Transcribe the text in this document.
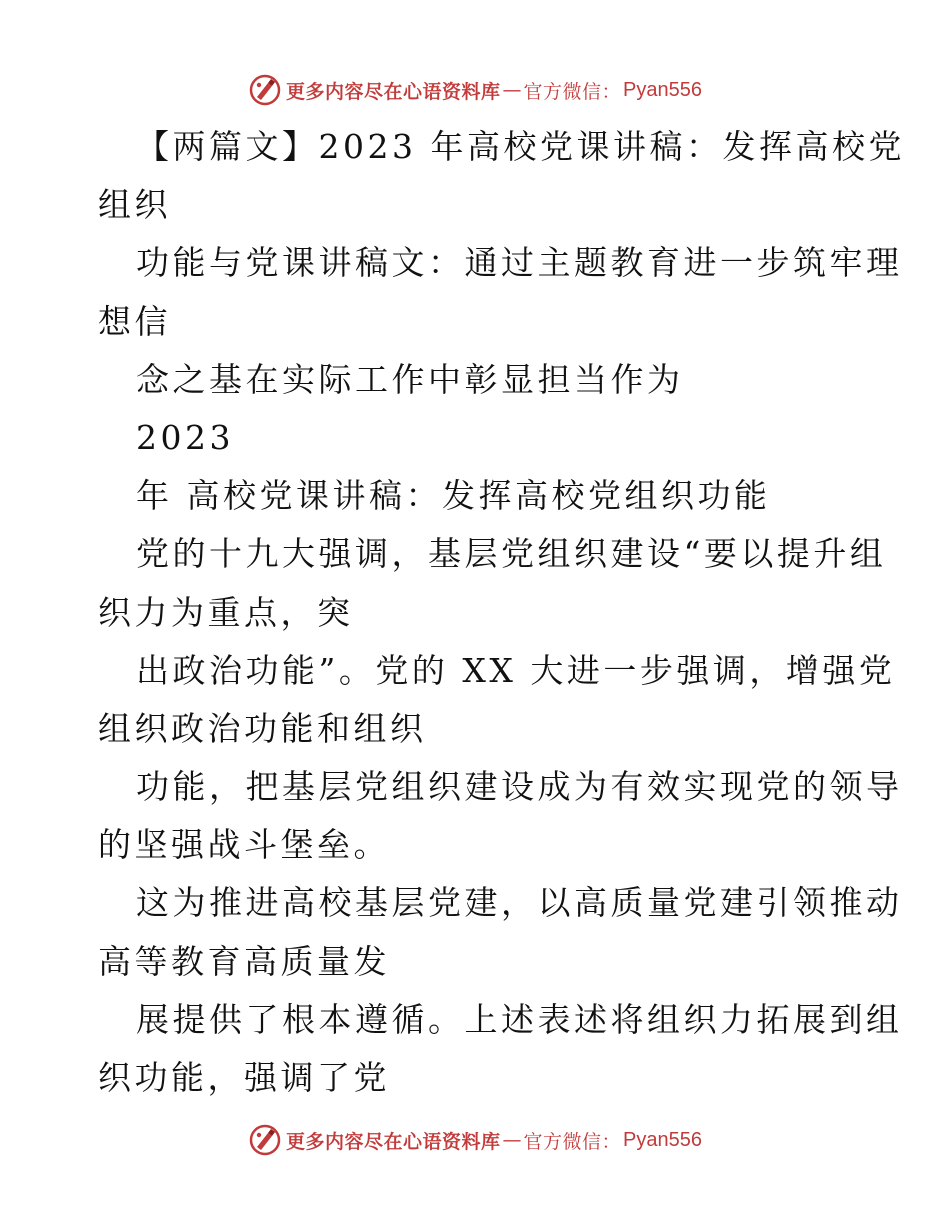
更多内容尽在心语资料库 — 官方微信： Pyan556
【两篇文】2023 年高校党课讲稿：发挥高校党
组织
功能与党课讲稿文：通过主题教育进一步筑牢理
想信
念之基在实际工作中彰显担当作为
2023
年 高校党课讲稿：发挥高校党组织功能
党的十九大强调，基层党组织建设“要以提升组
织力为重点，突
出政治功能”。党的 XX 大进一步强调，增强党
组织政治功能和组织
功能，把基层党组织建设成为有效实现党的领导
的坚强战斗堡垒。
这为推进高校基层党建，以高质量党建引领推动
高等教育高质量发
展提供了根本遵循。上述表述将组织力拓展到组
织功能，强调了党
更多内容尽在心语资料库 — 官方微信： Pyan556
